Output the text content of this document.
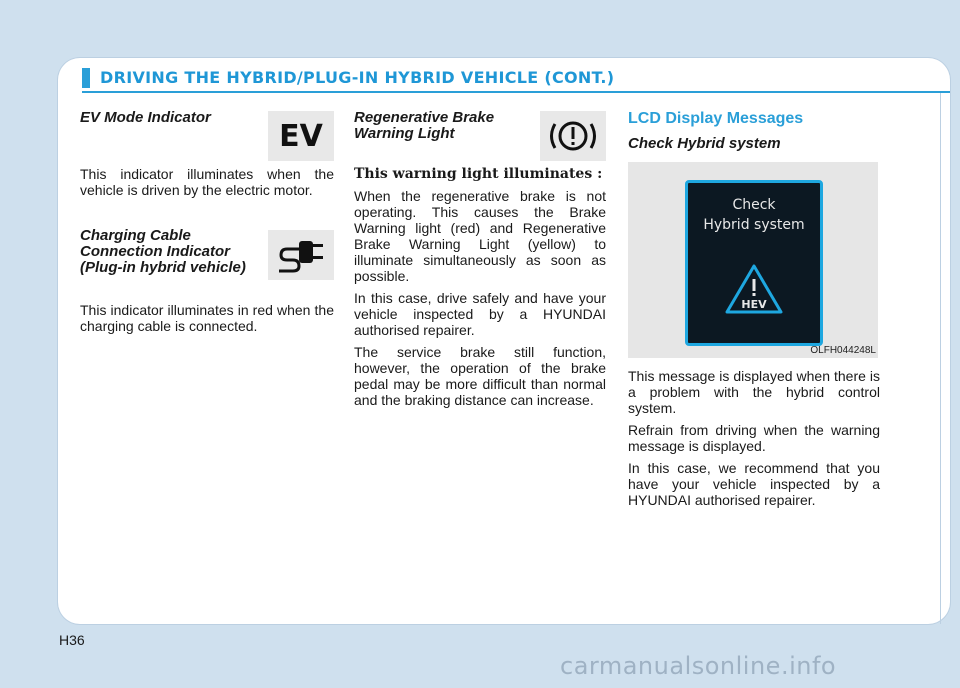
DRIVING THE HYBRID/PLUG-IN HYBRID VEHICLE (CONT.)

EV Mode Indicator

This indicator illuminates when the vehicle is driven by the electric motor.

Charging Cable

Connection Indicator

(Plug-in hybrid vehicle)

This indicator illuminates in red when the charging cable is connected.

EV

Regenerative Brake

Warning Light

This warning light illuminates :

When the regenerative brake is not operating. This causes the Brake Warning light (red) and Regenerative Brake Warning Light (yellow) to illuminate simultaneously as soon as possible.

In this case, drive safely and have your vehicle inspected by a HYUNDAI authorised repairer.

The service brake still function, however, the operation of the brake pedal may be more difficult than normal and the braking distance can increase.

LCD Display Messages

Check Hybrid system

Check
Hybrid system
HEV
OLFH044248L

This message is displayed when there is a problem with the hybrid control system.

Refrain from driving when the warning message is displayed.

In this case, we recommend that you have your vehicle inspected by a HYUNDAI authorised repairer.

H36
carmanualsonline.info
